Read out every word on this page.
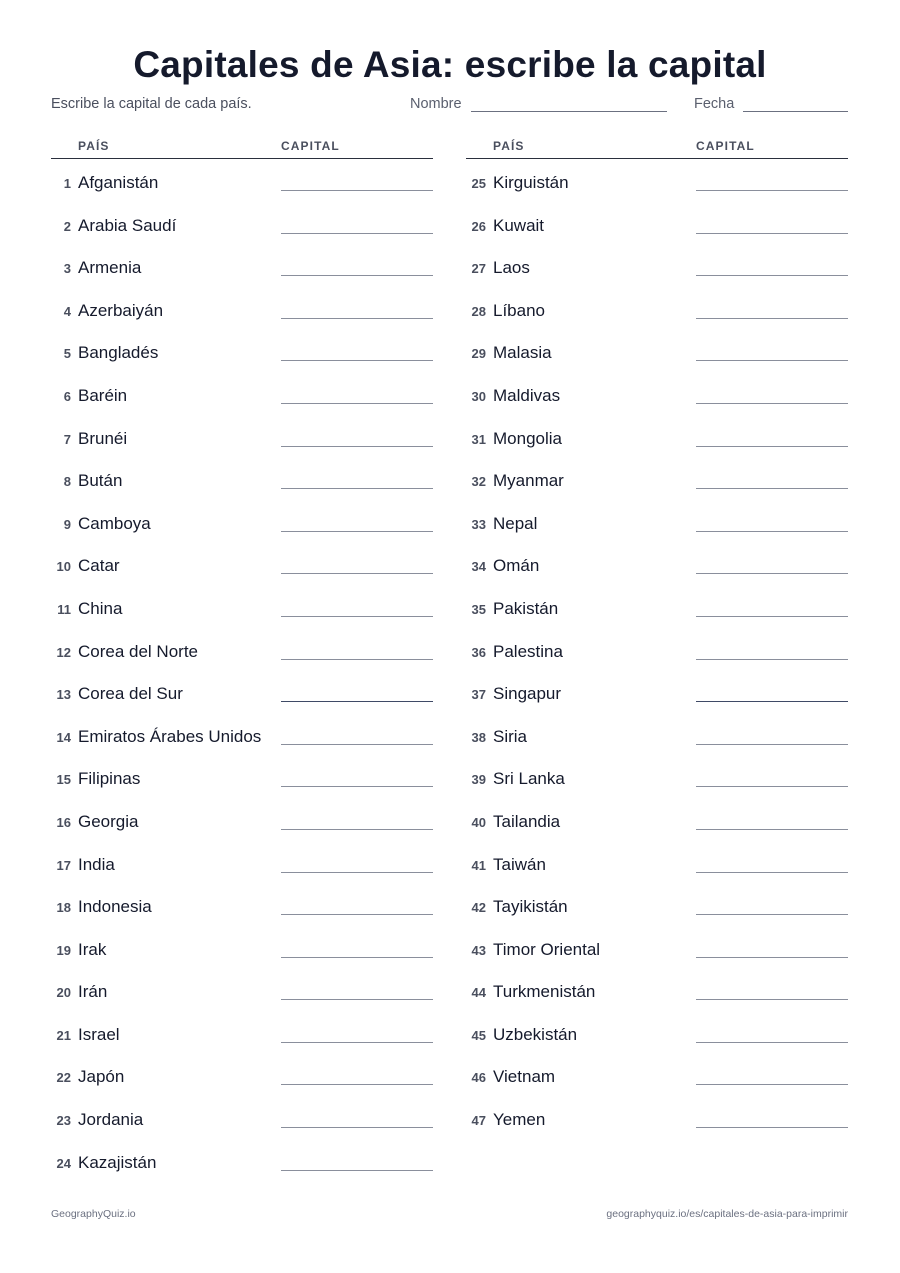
Capitales de Asia: escribe la capital
Escribe la capital de cada país.	Nombre	Fecha
PAÍS	CAPITAL
1 Afganistán
2 Arabia Saudí
3 Armenia
4 Azerbaiyán
5 Bangladés
6 Baréin
7 Brunéi
8 Bután
9 Camboya
10 Catar
11 China
12 Corea del Norte
13 Corea del Sur
14 Emiratos Árabes Unidos
15 Filipinas
16 Georgia
17 India
18 Indonesia
19 Irak
20 Irán
21 Israel
22 Japón
23 Jordania
24 Kazajistán
PAÍS	CAPITAL
25 Kirguistán
26 Kuwait
27 Laos
28 Líbano
29 Malasia
30 Maldivas
31 Mongolia
32 Myanmar
33 Nepal
34 Omán
35 Pakistán
36 Palestina
37 Singapur
38 Siria
39 Sri Lanka
40 Tailandia
41 Taiwán
42 Tayikistán
43 Timor Oriental
44 Turkmenistán
45 Uzbekistán
46 Vietnam
47 Yemen
GeographyQuiz.io	geographyquiz.io/es/capitales-de-asia-para-imprimir
